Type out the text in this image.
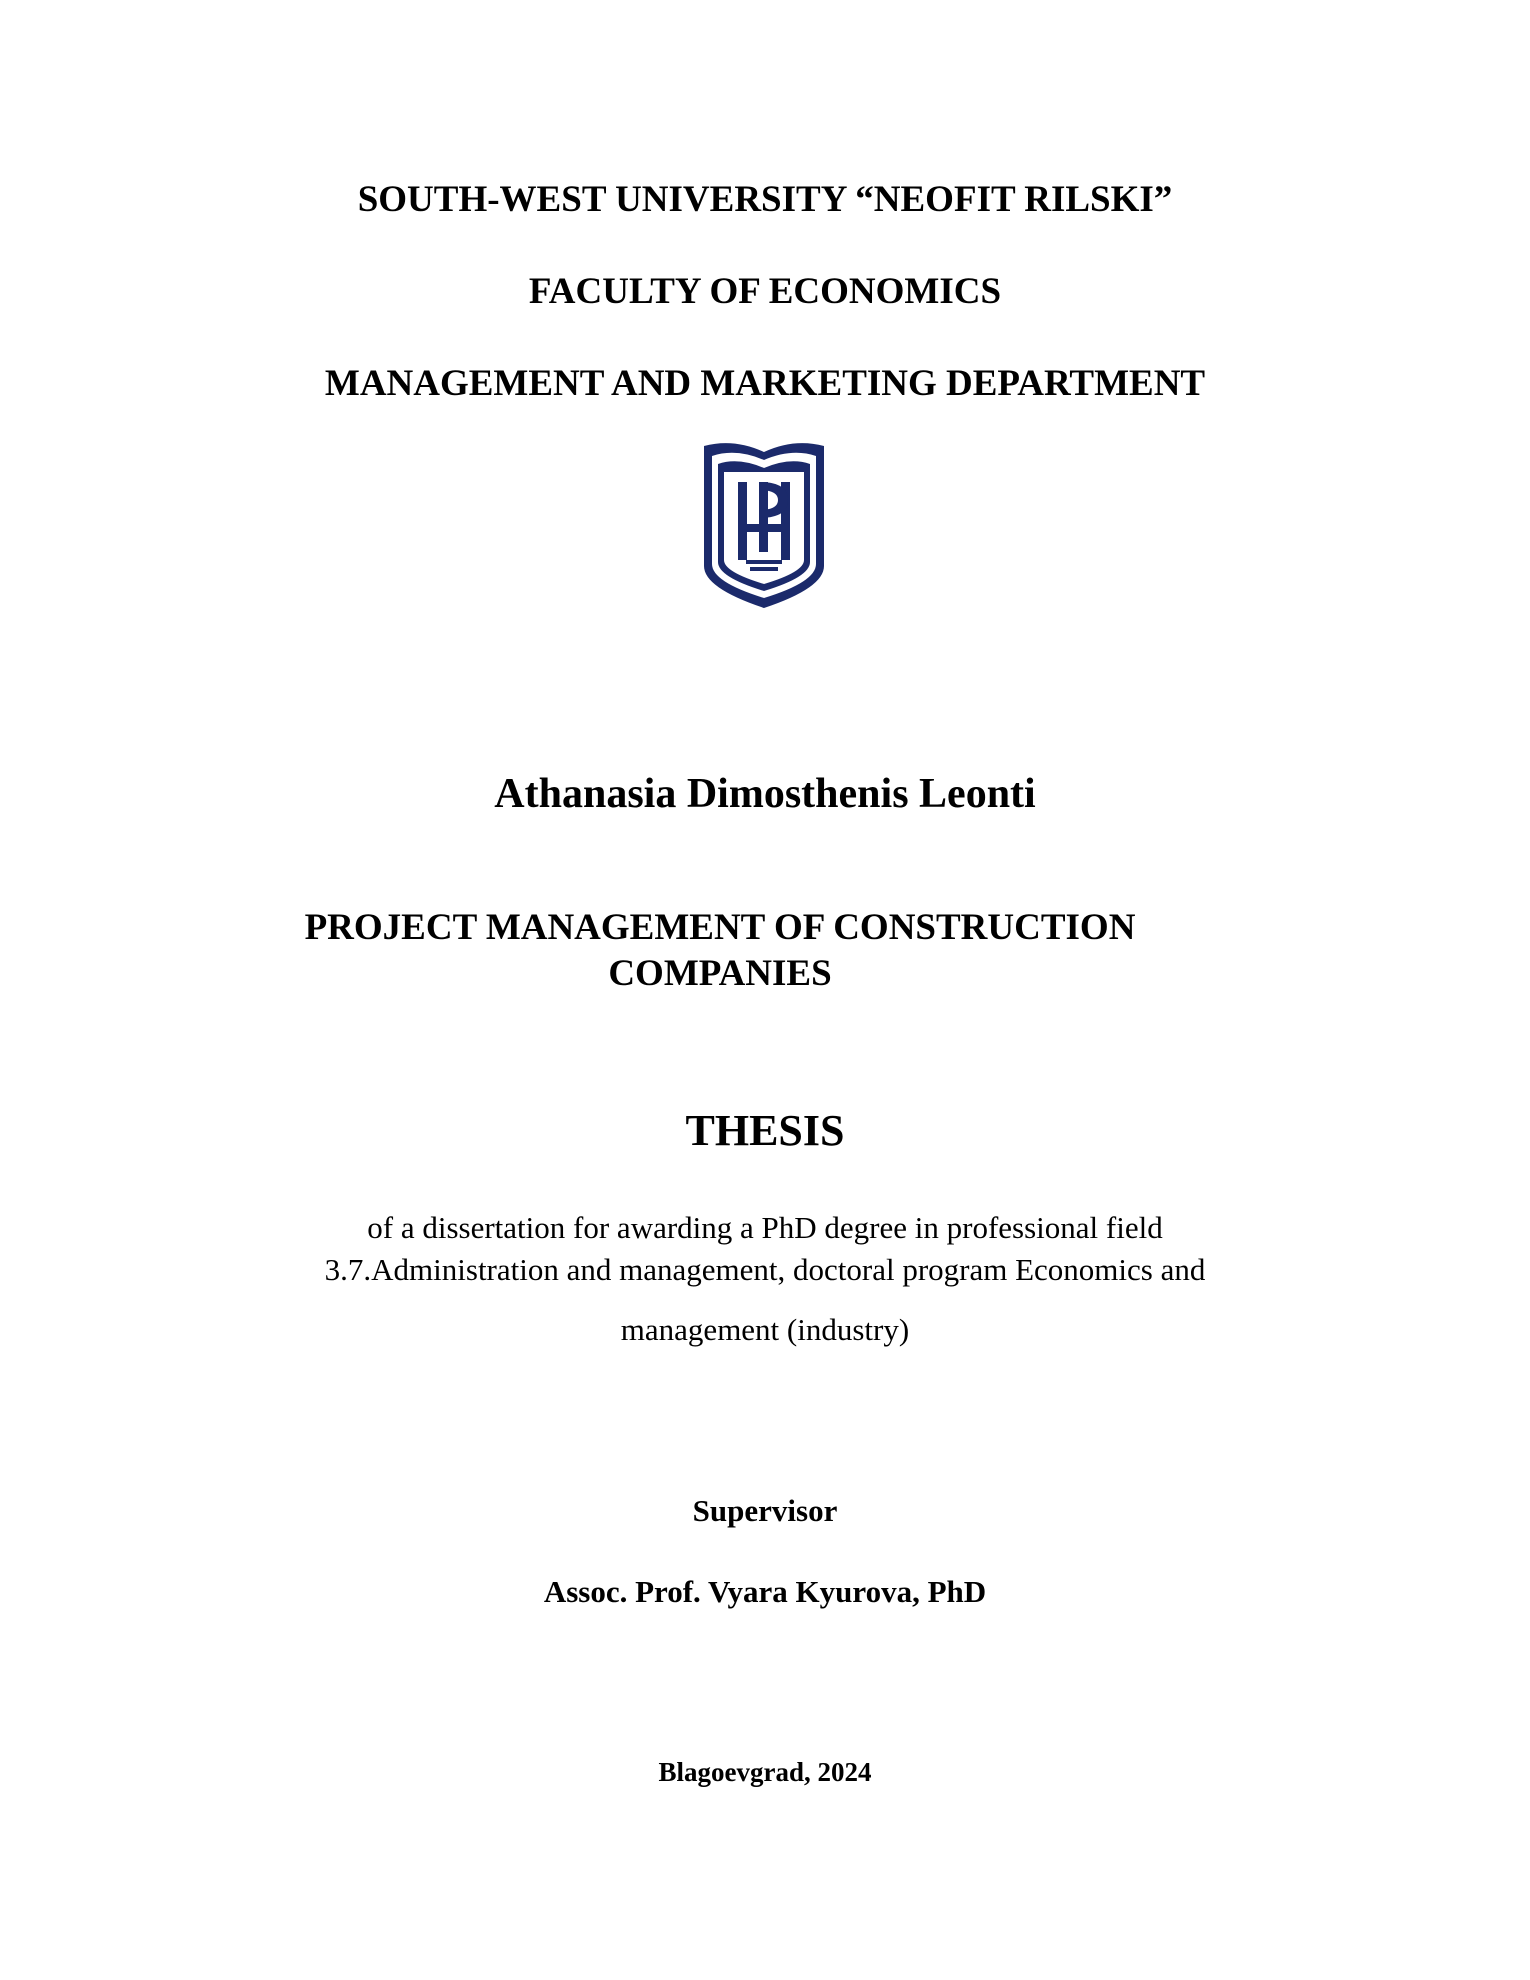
SOUTH-WEST UNIVERSITY “NEOFIT RILSKI”
FACULTY OF ECONOMICS
MANAGEMENT AND MARKETING DEPARTMENT
Athanasia Dimosthenis Leonti
PROJECT MANAGEMENT OF CONSTRUCTION
COMPANIES
THESIS
of a dissertation for awarding a PhD degree in professional field
3.7.Administration and management, doctoral program Economics and
management (industry)
Supervisor
Assoc. Prof. Vyara Kyurova, PhD
Blagoevgrad, 2024
